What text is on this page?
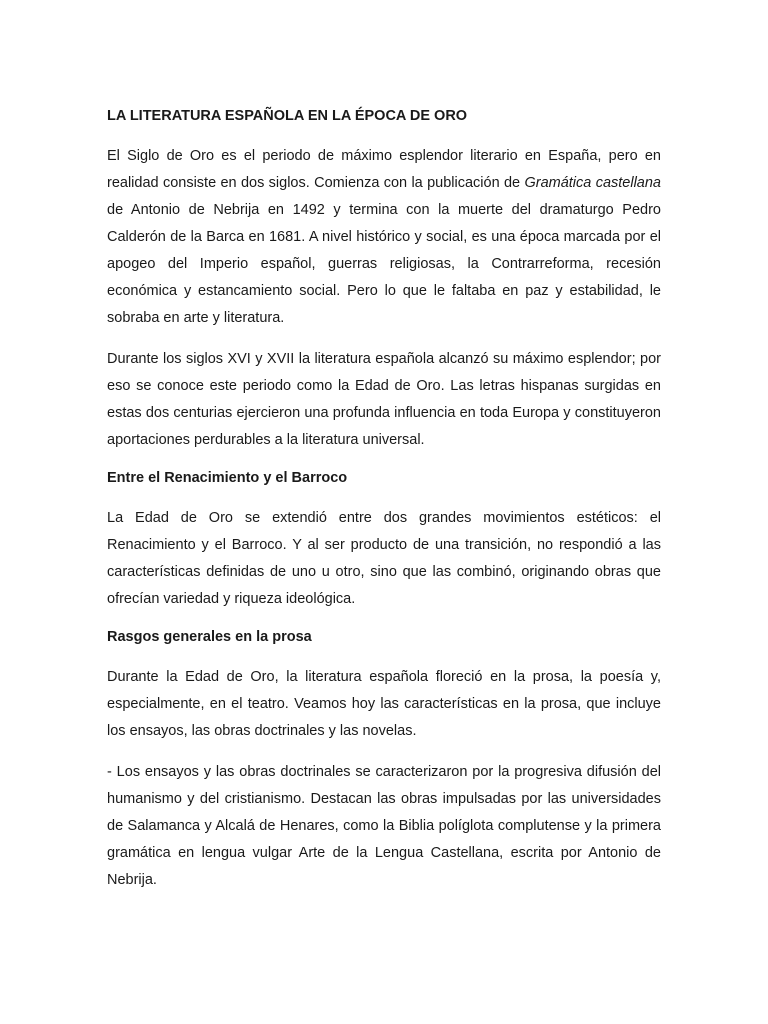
LA LITERATURA ESPAÑOLA EN LA ÉPOCA DE ORO

El Siglo de Oro es el periodo de máximo esplendor literario en España, pero en realidad consiste en dos siglos. Comienza con la publicación de Gramática castellana de Antonio de Nebrija en 1492 y termina con la muerte del dramaturgo Pedro Calderón de la Barca en 1681. A nivel histórico y social, es una época marcada por el apogeo del Imperio español, guerras religiosas, la Contrarreforma, recesión económica y estancamiento social. Pero lo que le faltaba en paz y estabilidad, le sobraba en arte y literatura.

Durante los siglos XVI y XVII la literatura española alcanzó su máximo esplendor; por eso se conoce este periodo como la Edad de Oro. Las letras hispanas surgidas en estas dos centurias ejercieron una profunda influencia en toda Europa y constituyeron aportaciones perdurables a la literatura universal.

Entre el Renacimiento y el Barroco

La Edad de Oro se extendió entre dos grandes movimientos estéticos: el Renacimiento y el Barroco. Y al ser producto de una transición, no respondió a las características definidas de uno u otro, sino que las combinó, originando obras que ofrecían variedad y riqueza ideológica.

Rasgos generales en la prosa

Durante la Edad de Oro, la literatura española floreció en la prosa, la poesía y, especialmente, en el teatro. Veamos hoy las características en la prosa, que incluye los ensayos, las obras doctrinales y las novelas.

- Los ensayos y las obras doctrinales se caracterizaron por la progresiva difusión del humanismo y del cristianismo. Destacan las obras impulsadas por las universidades de Salamanca y Alcalá de Henares, como la Biblia políglota complutense y la primera gramática en lengua vulgar Arte de la Lengua Castellana, escrita por Antonio de Nebrija.
